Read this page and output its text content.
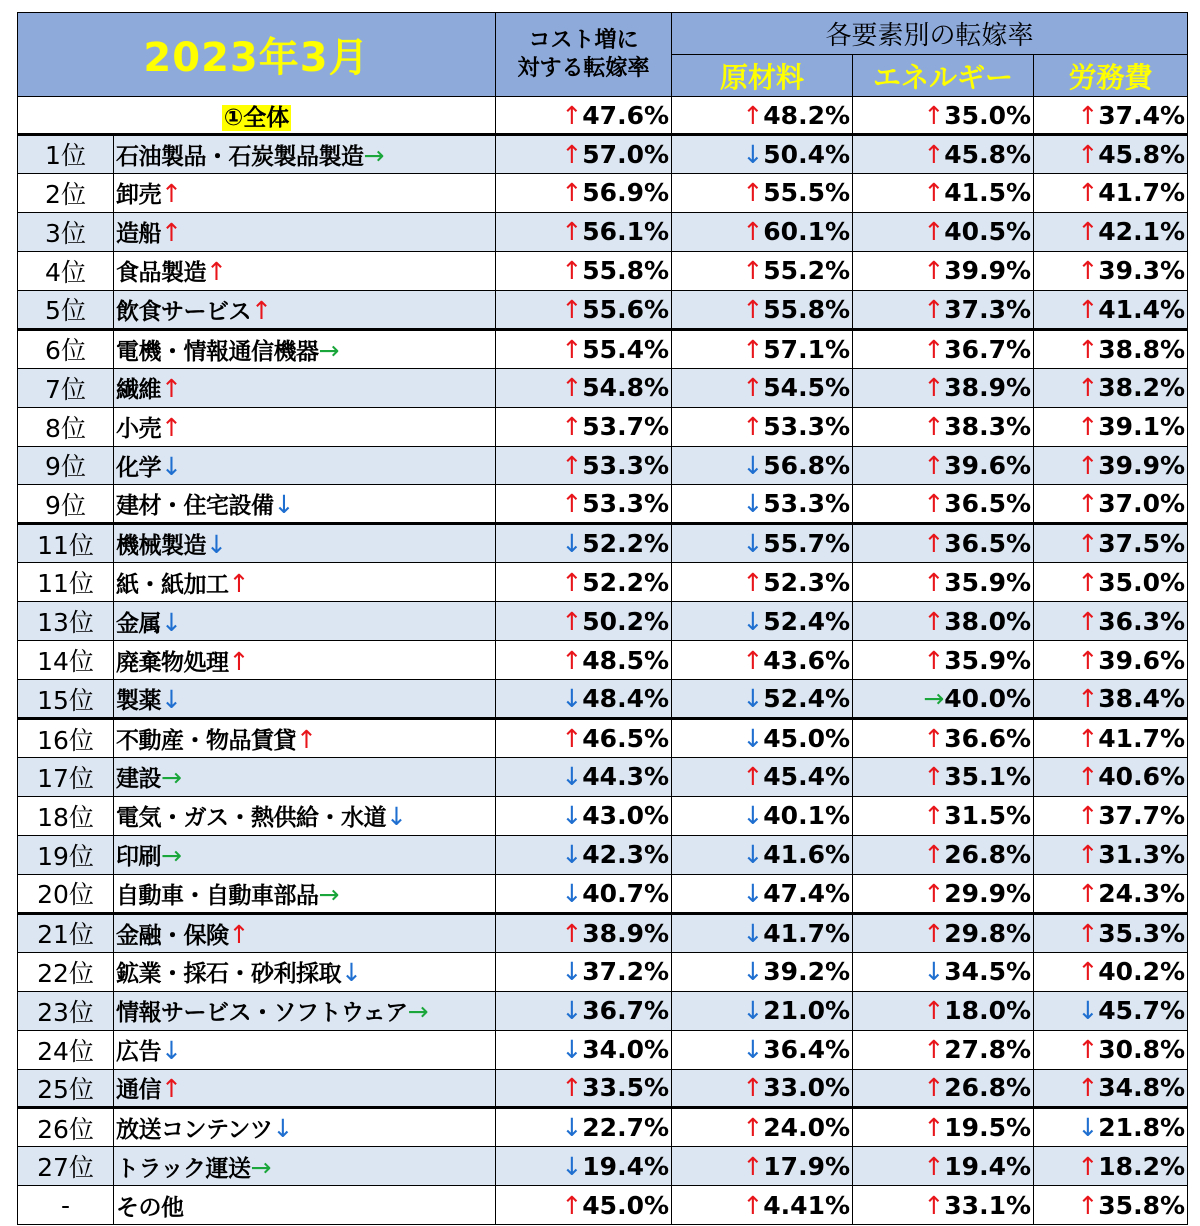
2023年3月		コスト増に
対する転嫁率	各要素別の転嫁率		
			原材料	エネルギー	労務費
①全体		↑47.6%	↑48.2%	↑35.0%	↑37.4%
1位	石油製品・石炭製品製造→	↑57.0%	↓50.4%	↑45.8%	↑45.8%
2位	卸売↑	↑56.9%	↑55.5%	↑41.5%	↑41.7%
3位	造船↑	↑56.1%	↑60.1%	↑40.5%	↑42.1%
4位	食品製造↑	↑55.8%	↑55.2%	↑39.9%	↑39.3%
5位	飲食サービス↑	↑55.6%	↑55.8%	↑37.3%	↑41.4%
6位	電機・情報通信機器→	↑55.4%	↑57.1%	↑36.7%	↑38.8%
7位	繊維↑	↑54.8%	↑54.5%	↑38.9%	↑38.2%
8位	小売↑	↑53.7%	↑53.3%	↑38.3%	↑39.1%
9位	化学↓	↑53.3%	↓56.8%	↑39.6%	↑39.9%
9位	建材・住宅設備↓	↑53.3%	↓53.3%	↑36.5%	↑37.0%
11位	機械製造↓	↓52.2%	↓55.7%	↑36.5%	↑37.5%
11位	紙・紙加工↑	↑52.2%	↑52.3%	↑35.9%	↑35.0%
13位	金属↓	↑50.2%	↓52.4%	↑38.0%	↑36.3%
14位	廃棄物処理↑	↑48.5%	↑43.6%	↑35.9%	↑39.6%
15位	製薬↓	↓48.4%	↓52.4%	→40.0%	↑38.4%
16位	不動産・物品賃貸↑	↑46.5%	↓45.0%	↑36.6%	↑41.7%
17位	建設→	↓44.3%	↑45.4%	↑35.1%	↑40.6%
18位	電気・ガス・熱供給・水道↓	↓43.0%	↓40.1%	↑31.5%	↑37.7%
19位	印刷→	↓42.3%	↓41.6%	↑26.8%	↑31.3%
20位	自動車・自動車部品→	↓40.7%	↓47.4%	↑29.9%	↑24.3%
21位	金融・保険↑	↑38.9%	↓41.7%	↑29.8%	↑35.3%
22位	鉱業・採石・砂利採取↓	↓37.2%	↓39.2%	↓34.5%	↑40.2%
23位	情報サービス・ソフトウェア→	↓36.7%	↓21.0%	↑18.0%	↓45.7%
24位	広告↓	↓34.0%	↓36.4%	↑27.8%	↑30.8%
25位	通信↑	↑33.5%	↑33.0%	↑26.8%	↑34.8%
26位	放送コンテンツ↓	↓22.7%	↑24.0%	↑19.5%	↓21.8%
27位	トラック運送→	↓19.4%	↑17.9%	↑19.4%	↑18.2%
-	その他	↑45.0%	↑4.41%	↑33.1%	↑35.8%
